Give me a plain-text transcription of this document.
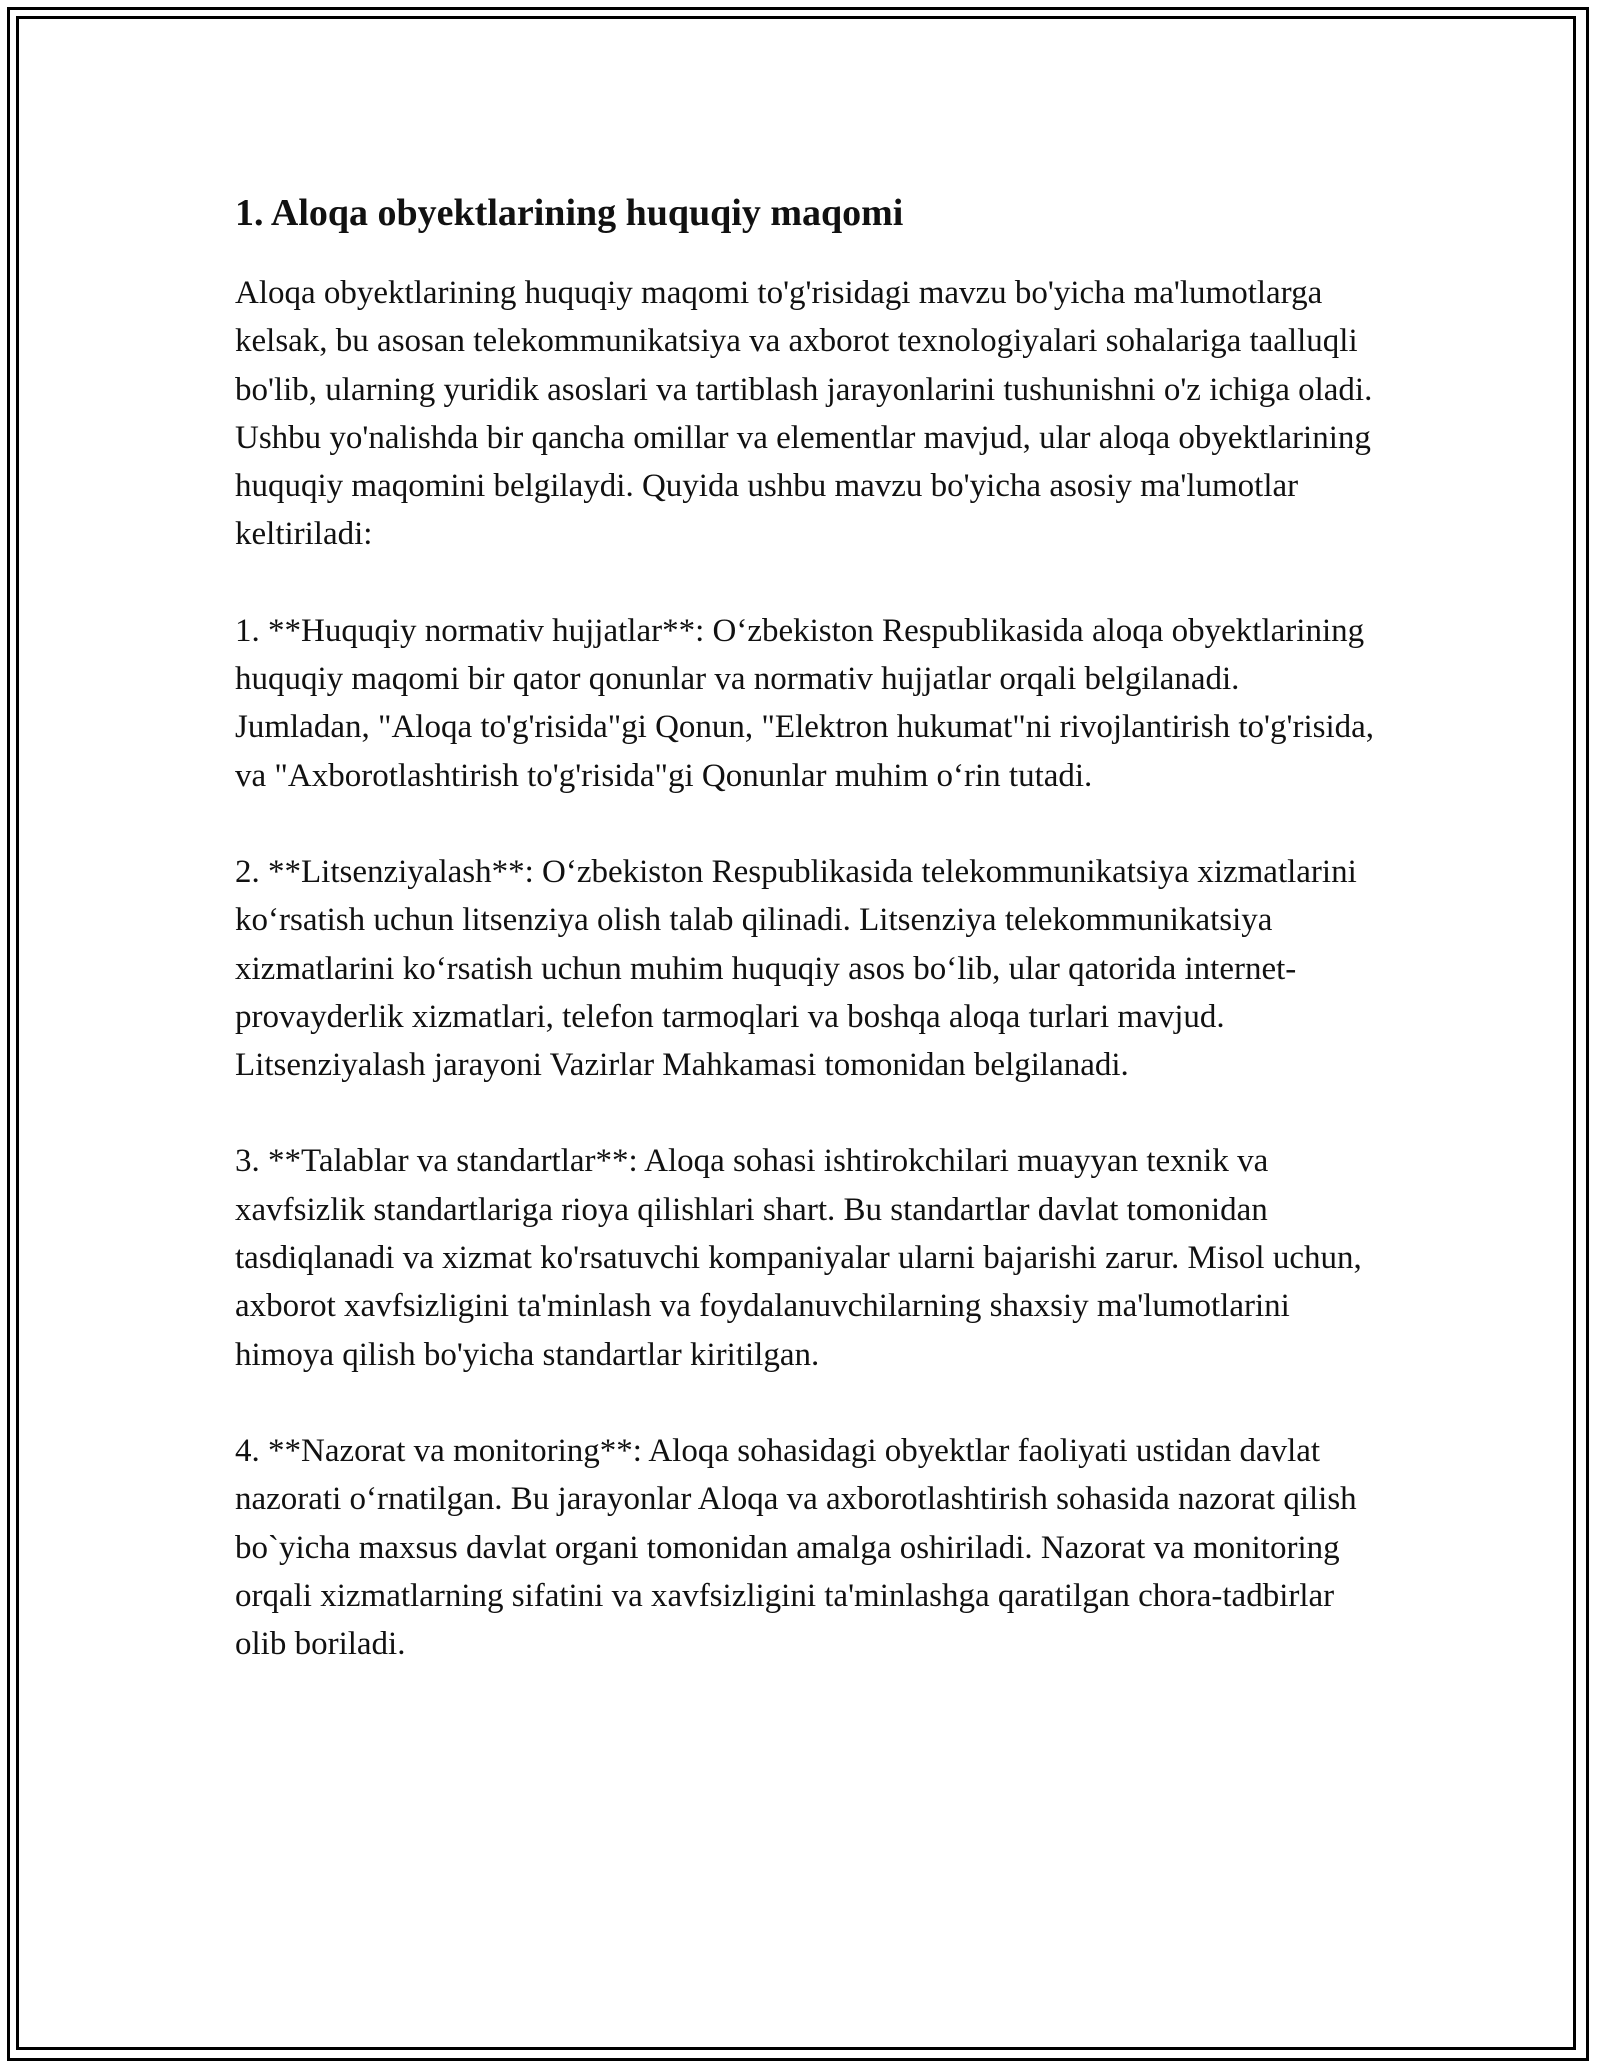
1. Aloqa obyektlarining huquqiy maqomi

Aloqa obyektlarining huquqiy maqomi to'g'risidagi mavzu bo'yicha ma'lumotlarga kelsak, bu asosan telekommunikatsiya va axborot texnologiyalari sohalariga taalluqli bo'lib, ularning yuridik asoslari va tartiblash jarayonlarini tushunishni o'z ichiga oladi. Ushbu yo'nalishda bir qancha omillar va elementlar mavjud, ular aloqa obyektlarining huquqiy maqomini belgilaydi. Quyida ushbu mavzu bo'yicha asosiy ma'lumotlar keltiriladi:

1. **Huquqiy normativ hujjatlar**: O‘zbekiston Respublikasida aloqa obyektlarining huquqiy maqomi bir qator qonunlar va normativ hujjatlar orqali belgilanadi. Jumladan, "Aloqa to'g'risida"gi Qonun, "Elektron hukumat"ni rivojlantirish to'g'risida, va "Axborotlashtirish to'g'risida"gi Qonunlar muhim o‘rin tutadi.

2. **Litsenziyalash**: O‘zbekiston Respublikasida telekommunikatsiya xizmatlarini ko‘rsatish uchun litsenziya olish talab qilinadi. Litsenziya telekommunikatsiya xizmatlarini ko‘rsatish uchun muhim huquqiy asos bo‘lib, ular qatorida internet-provayderlik xizmatlari, telefon tarmoqlari va boshqa aloqa turlari mavjud. Litsenziyalash jarayoni Vazirlar Mahkamasi tomonidan belgilanadi.

3. **Talablar va standartlar**: Aloqa sohasi ishtirokchilari muayyan texnik va xavfsizlik standartlariga rioya qilishlari shart. Bu standartlar davlat tomonidan tasdiqlanadi va xizmat ko'rsatuvchi kompaniyalar ularni bajarishi zarur. Misol uchun, axborot xavfsizligini ta'minlash va foydalanuvchilarning shaxsiy ma'lumotlarini himoya qilish bo'yicha standartlar kiritilgan.

4. **Nazorat va monitoring**: Aloqa sohasidagi obyektlar faoliyati ustidan davlat nazorati o‘rnatilgan. Bu jarayonlar Aloqa va axborotlashtirish sohasida nazorat qilish bo`yicha maxsus davlat organi tomonidan amalga oshiriladi. Nazorat va monitoring orqali xizmatlarning sifatini va xavfsizligini ta'minlashga qaratilgan chora-tadbirlar olib boriladi.
